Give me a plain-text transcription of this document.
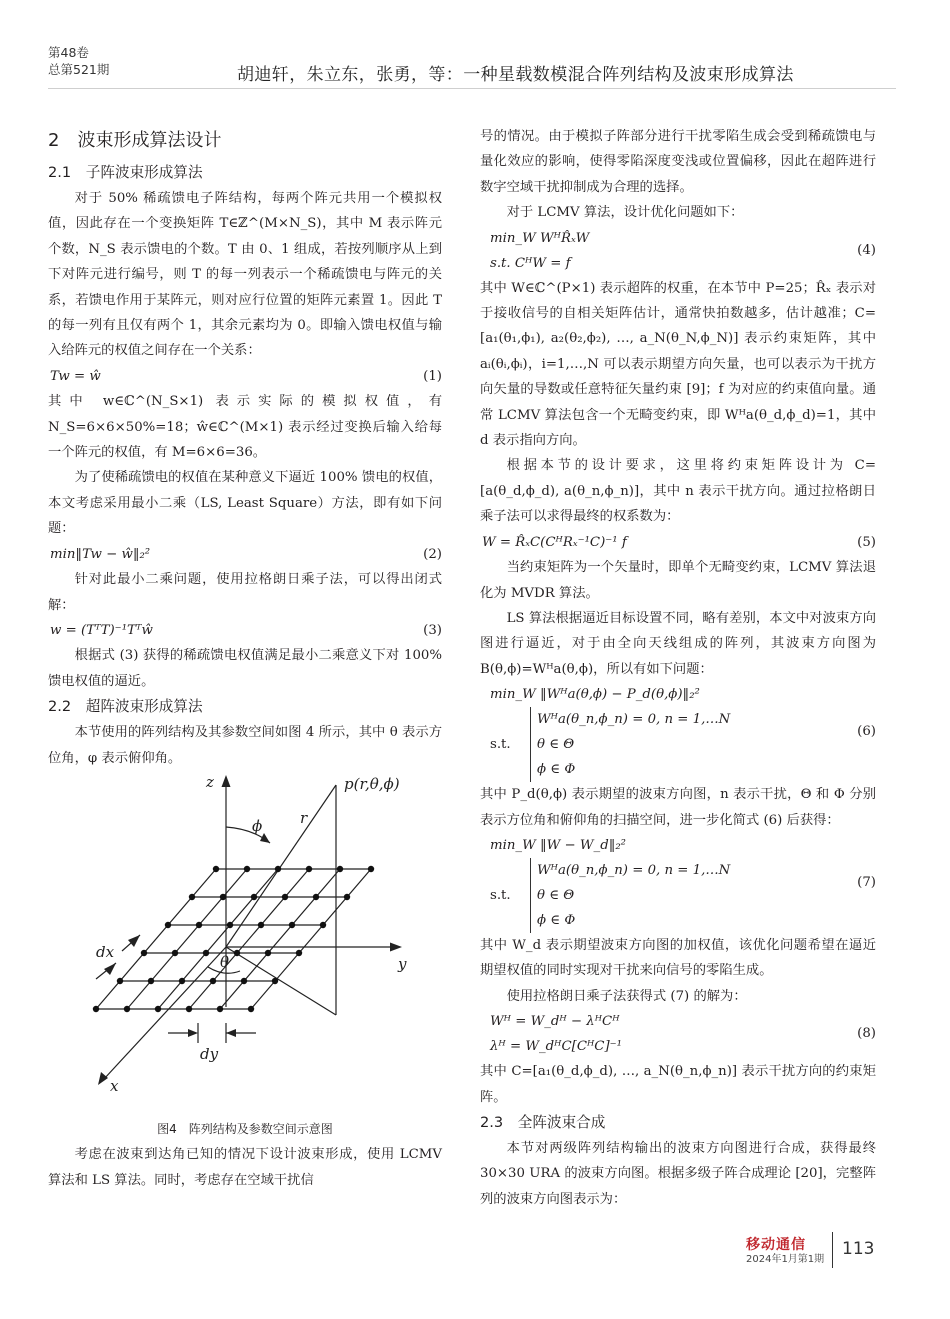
第48卷
总第521期	胡迪轩，朱立东，张勇，等：一种星载数模混合阵列结构及波束形成算法
2　波束形成算法设计
2.1　子阵波束形成算法

对于 50% 稀疏馈电子阵结构，每两个阵元共用一个模拟权值，因此存在一个变换矩阵 T∈ℤ^(M×N_S)，其中 M 表示阵元个数，N_S 表示馈电的个数。T 由 0、1 组成，若按列顺序从上到下对阵元进行编号，则 T 的每一列表示一个稀疏馈电与阵元的关系，若馈电作用于某阵元，则对应行位置的矩阵元素置 1。因此 T 的每一列有且仅有两个 1，其余元素均为 0。即输入馈电权值与输入给阵元的权值之间存在一个关系：

Tw = ŵ	(1)

其中 w∈ℂ^(N_S×1) 表示实际的模拟权值，有 N_S=6×6×50%=18；ŵ∈ℂ^(M×1) 表示经过变换后输入给每一个阵元的权值，有 M=6×6=36。

为了使稀疏馈电的权值在某种意义下逼近 100% 馈电的权值，本文考虑采用最小二乘（LS, Least Square）方法，即有如下问题：

min‖Tw − ŵ‖₂²	(2)

针对此最小二乘问题，使用拉格朗日乘子法，可以得出闭式解：

w = (TᵀT)⁻¹Tᵀŵ	(3)

根据式 (3) 获得的稀疏馈电权值满足最小二乘意义下对 100% 馈电权值的逼近。

2.2　超阵波束形成算法

本节使用的阵列结构及其参数空间如图 4 所示，其中 θ 表示方位角，φ 表示俯仰角。

z
y
x
p(r,θ,ϕ)
ϕ	r
θ
dx
dy
图4　阵列结构及参数空间示意图

考虑在波束到达角已知的情况下设计波束形成，使用 LCMV 算法和 LS 算法。同时，考虑存在空域干扰信

号的情况。由于模拟子阵部分进行干扰零陷生成会受到稀疏馈电与量化效应的影响，使得零陷深度变浅或位置偏移，因此在超阵进行数字空域干扰抑制成为合理的选择。

对于 LCMV 算法，设计优化问题如下：

min_W WᴴR̂ₓW
s.t. CᴴW = f
(4)

其中 W∈ℂ^(P×1) 表示超阵的权重，在本节中 P=25；R̂ₓ 表示对于接收信号的自相关矩阵估计，通常快拍数越多，估计越准；C=[a₁(θ₁,ϕ₁), a₂(θ₂,ϕ₂), …, a_N(θ_N,ϕ_N)] 表示约束矩阵，其中 aᵢ(θᵢ,ϕᵢ)，i=1,…,N 可以表示期望方向矢量，也可以表示为干扰方向矢量的导数或任意特征矢量约束 [9]；f 为对应的约束值向量。通常 LCMV 算法包含一个无畸变约束，即 Wᴴa(θ_d,ϕ_d)=1，其中 d 表示指向方向。

根据本节的设计要求，这里将约束矩阵设计为 C=[a(θ_d,ϕ_d), a(θ_n,ϕ_n)]，其中 n 表示干扰方向。通过拉格朗日乘子法可以求得最终的权系数为：

W = R̂ₓC(CᴴRₓ⁻¹C)⁻¹ f	(5)

当约束矩阵为一个矢量时，即单个无畸变约束，LCMV 算法退化为 MVDR 算法。

LS 算法根据逼近目标设置不同，略有差别，本文中对波束方向图进行逼近，对于由全向天线组成的阵列，其波束方向图为 B(θ,ϕ)=Wᴴa(θ,ϕ)，所以有如下问题：

min_W ‖Wᴴa(θ,ϕ) − P_d(θ,ϕ)‖₂²
s.t.
Wᴴa(θ_n,ϕ_n) = 0, n = 1,…N
θ ∈ Θ
ϕ ∈ Φ
(6)

其中 P_d(θ,ϕ) 表示期望的波束方向图，n 表示干扰，Θ 和 Φ 分别表示方位角和俯仰角的扫描空间，进一步化简式 (6) 后获得：

min_W ‖W − W_d‖₂²
s.t.
Wᴴa(θ_n,ϕ_n) = 0, n = 1,…N
θ ∈ Θ
ϕ ∈ Φ
(7)

其中 W_d 表示期望波束方向图的加权值，该优化问题希望在逼近期望权值的同时实现对干扰来向信号的零陷生成。

使用拉格朗日乘子法获得式 (7) 的解为：

Wᴴ = W_dᴴ − λᴴCᴴ
λᴴ = W_dᴴC[CᴴC]⁻¹
(8)

其中 C=[a₁(θ_d,ϕ_d), …, a_N(θ_n,ϕ_n)] 表示干扰方向的约束矩阵。

2.3　全阵波束合成

本节对两级阵列结构输出的波束方向图进行合成，获得最终 30×30 URA 的波束方向图。根据多级子阵合成理论 [20]，完整阵列的波束方向图表示为：

移动通信
2024年1月第1期
113
